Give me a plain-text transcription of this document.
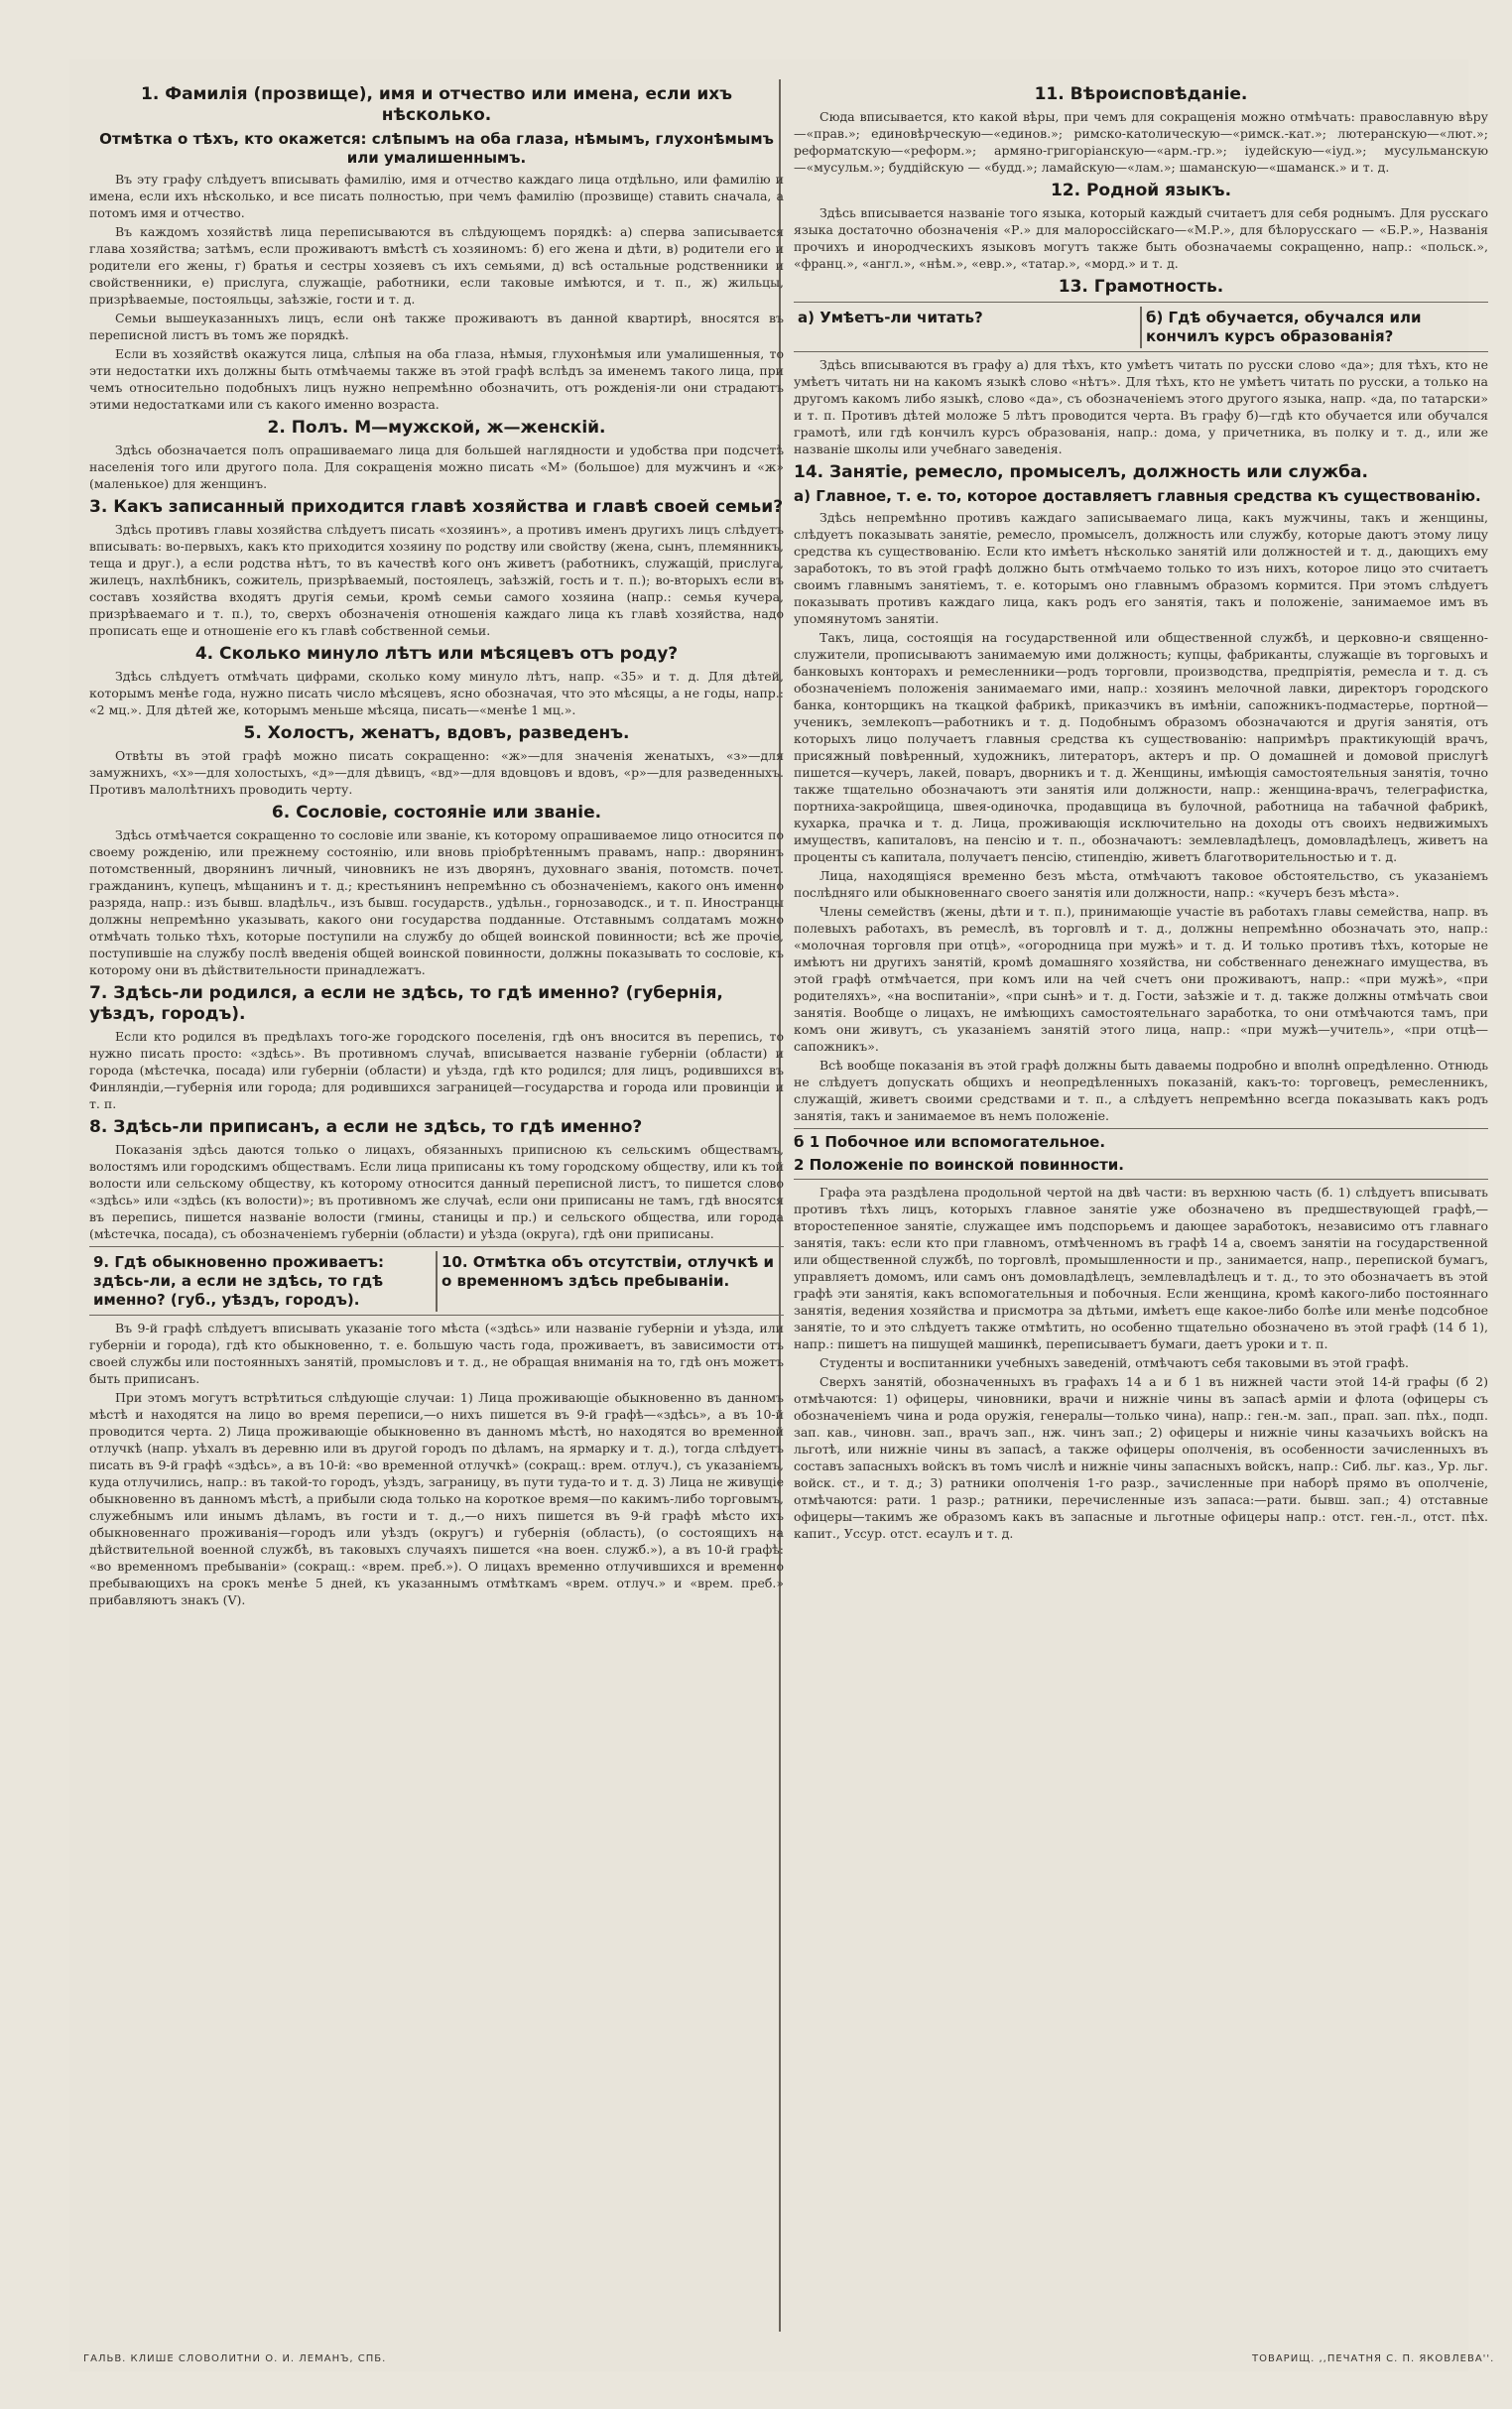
1. Фамилія (прозвище), имя и отчество или имена, если ихъ нѣсколько.
Отмѣтка о тѣхъ, кто окажется: слѣпымъ на оба глаза, нѣмымъ, глухонѣмымъ или умалишеннымъ.

Въ эту графу слѣдуетъ вписывать фамилію, имя и отчество каждаго лица отдѣльно, или фамилію и имена, если ихъ нѣсколько, и все писать полностью, при чемъ фамилію (прозвище) ставить сначала, а потомъ имя и отчество.

Въ каждомъ хозяйствѣ лица переписываются въ слѣдующемъ порядкѣ: а) сперва записывается глава хозяйства; затѣмъ, если проживаютъ вмѣстѣ съ хозяиномъ: б) его жена и дѣти, в) родители его и родители его жены, г) братья и сестры хозяевъ съ ихъ семьями, д) всѣ остальные родственники и свойственники, е) прислуга, служащіе, работники, если таковые имѣются, и т. п., ж) жильцы, призрѣваемые, постояльцы, заѣзжіе, гости и т. д.

Семьи вышеуказанныхъ лицъ, если онѣ также проживаютъ въ данной квартирѣ, вносятся въ переписной листъ въ томъ же порядкѣ.

Если въ хозяйствѣ окажутся лица, слѣпыя на оба глаза, нѣмыя, глухонѣмыя или умалишенныя, то эти недостатки ихъ должны быть отмѣчаемы также въ этой графѣ вслѣдъ за именемъ такого лица, при чемъ относительно подобныхъ лицъ нужно непремѣнно обозначить, отъ рожденія-ли они страдаютъ этими недостатками или съ какого именно возраста.

2. Полъ. М—мужской, ж—женскій.

Здѣсь обозначается полъ опрашиваемаго лица для большей наглядности и удобства при подсчетѣ населенія того или другого пола. Для сокращенія можно писать «М» (большое) для мужчинъ и «ж» (маленькое) для женщинъ.

3. Какъ записанный приходится главѣ хозяйства и главѣ своей семьи?

Здѣсь противъ главы хозяйства слѣдуетъ писать «хозяинъ», а противъ именъ другихъ лицъ слѣдуетъ вписывать: во-первыхъ, какъ кто приходится хозяину по родству или свойству (жена, сынъ, племянникъ, теща и друг.), а если родства нѣтъ, то въ качествѣ кого онъ живетъ (работникъ, служащій, прислуга, жилецъ, нахлѣбникъ, сожитель, призрѣваемый, постоялецъ, заѣзжій, гость и т. п.); во-вторыхъ если въ составъ хозяйства входятъ другія семьи, кромѣ семьи самого хозяина (напр.: семья кучера, призрѣваемаго и т. п.), то, сверхъ обозначенія отношенія каждаго лица къ главѣ хозяйства, надо прописать еще и отношеніе его къ главѣ собственной семьи.

4. Сколько минуло лѣтъ или мѣсяцевъ отъ роду?

Здѣсь слѣдуетъ отмѣчать цифрами, сколько кому минуло лѣтъ, напр. «35» и т. д. Для дѣтей, которымъ менѣе года, нужно писать число мѣсяцевъ, ясно обозначая, что это мѣсяцы, а не годы, напр.: «2 мц.». Для дѣтей же, которымъ меньше мѣсяца, писать—«менѣе 1 мц.».

5. Холостъ, женатъ, вдовъ, разведенъ.

Отвѣты въ этой графѣ можно писать сокращенно: «ж»—для значенія женатыхъ, «з»—для замужнихъ, «х»—для холостыхъ, «д»—для дѣвицъ, «вд»—для вдовцовъ и вдовъ, «р»—для разведенныхъ. Противъ малолѣтнихъ проводить черту.

6. Сословіе, состояніе или званіе.

Здѣсь отмѣчается сокращенно то сословіе или званіе, къ которому опрашиваемое лицо относится по своему рожденію, или прежнему состоянію, или вновь пріобрѣтеннымъ правамъ, напр.: дворянинъ потомственный, дворянинъ личный, чиновникъ не изъ дворянъ, духовнаго званія, потомств. почет. гражданинъ, купецъ, мѣщанинъ и т. д.; крестьянинъ непремѣнно съ обозначеніемъ, какого онъ именно разряда, напр.: изъ бывш. владѣльч., изъ бывш. государств., удѣльн., горнозаводск., и т. п. Иностранцы должны непремѣнно указывать, какого они государства подданные. Отставнымъ солдатамъ можно отмѣчать только тѣхъ, которые поступили на службу до общей воинской повинности; всѣ же прочіе, поступившіе на службу послѣ введенія общей воинской повинности, должны показывать то сословіе, къ которому они въ дѣйствительности принадлежатъ.

7. Здѣсь-ли родился, а если не здѣсь, то гдѣ именно? (губернія, уѣздъ, городъ).

Если кто родился въ предѣлахъ того-же городского поселенія, гдѣ онъ вносится въ перепись, то нужно писать просто: «здѣсь». Въ противномъ случаѣ, вписывается названіе губерніи (области) и города (мѣстечка, посада) или губерніи (области) и уѣзда, гдѣ кто родился; для лицъ, родившихся въ Финляндіи,—губернія или города; для родившихся заграницей—государства и города или провинціи и т. п.

8. Здѣсь-ли приписанъ, а если не здѣсь, то гдѣ именно?

Показанія здѣсь даются только о лицахъ, обязанныхъ приписною къ сельскимъ обществамъ, волостямъ или городскимъ обществамъ. Если лица приписаны къ тому городскому обществу, или къ той волости или сельскому обществу, къ которому относится данный переписной листъ, то пишется слово «здѣсь» или «здѣсь (къ волости)»; въ противномъ же случаѣ, если они приписаны не тамъ, гдѣ вносятся въ перепись, пишется названіе волости (гмины, станицы и пр.) и сельского общества, или города (мѣстечка, посада), съ обозначеніемъ губерніи (области) и уѣзда (округа), гдѣ они приписаны.

9. Гдѣ обыкновенно проживаетъ: здѣсь-ли, а если не здѣсь, то гдѣ именно? (губ., уѣздъ, городъ).
10. Отмѣтка объ отсутствіи, отлучкѣ и о временномъ здѣсь пребываніи.

Въ 9-й графѣ слѣдуетъ вписывать указаніе того мѣста («здѣсь» или названіе губерніи и уѣзда, или губерніи и города), гдѣ кто обыкновенно, т. е. большую часть года, проживаетъ, въ зависимости отъ своей службы или постоянныхъ занятій, промысловъ и т. д., не обращая вниманія на то, гдѣ онъ можетъ быть приписанъ.

При этомъ могутъ встрѣтиться слѣдующіе случаи: 1) Лица проживающіе обыкновенно въ данномъ мѣстѣ и находятся на лицо во время переписи,—о нихъ пишется въ 9-й графѣ—«здѣсь», а въ 10-й проводится черта. 2) Лица проживающіе обыкновенно въ данномъ мѣстѣ, но находятся во временной отлучкѣ (напр. уѣхалъ въ деревню или въ другой городъ по дѣламъ, на ярмарку и т. д.), тогда слѣдуетъ писать въ 9-й графѣ «здѣсь», а въ 10-й: «во временной отлучкѣ» (сокращ.: врем. отлуч.), съ указаніемъ, куда отлучились, напр.: въ такой-то городъ, уѣздъ, заграницу, въ пути туда-то и т. д. 3) Лица не живущіе обыкновенно въ данномъ мѣстѣ, а прибыли сюда только на короткое время—по какимъ-либо торговымъ, служебнымъ или инымъ дѣламъ, въ гости и т. д.,—о нихъ пишется въ 9-й графѣ мѣсто ихъ обыкновеннаго проживанія—городъ или уѣздъ (округъ) и губернія (область), (о состоящихъ на дѣйствительной военной службѣ, въ таковыхъ случаяхъ пишется «на воен. служб.»), а въ 10-й графѣ: «во временномъ пребываніи» (сокращ.: «врем. преб.»). О лицахъ временно отлучившихся и временно пребывающихъ на срокъ менѣе 5 дней, къ указаннымъ отмѣткамъ «врем. отлуч.» и «врем. преб.» прибавляютъ знакъ (V).

11. Вѣроисповѣданіе.

Сюда вписывается, кто какой вѣры, при чемъ для сокращенія можно отмѣчать: православную вѣру—«прав.»; единовѣрческую—«единов.»; римско-католическую—«римск.-кат.»; лютеранскую—«лют.»; реформатскую—«реформ.»; армяно-григоріанскую—«арм.-гр.»; іудейскую—«іуд.»; мусульманскую—«мусульм.»; буддійскую — «будд.»; ламайскую—«лам.»; шаманскую—«шаманск.» и т. д.

12. Родной языкъ.

Здѣсь вписывается названіе того языка, который каждый считаетъ для себя роднымъ. Для русскаго языка достаточно обозначенія «Р.» для малороссійскаго—«М.Р.», для бѣлорусскаго — «Б.Р.», Названія прочихъ и инородческихъ языковъ могутъ также быть обозначаемы сокращенно, напр.: «польск.», «франц.», «англ.», «нѣм.», «евр.», «татар.», «морд.» и т. д.

13. Грамотность.
а) Умѣетъ-ли читать?	б) Гдѣ обучается, обучался или кончилъ курсъ образованія?

Здѣсь вписываются въ графу а) для тѣхъ, кто умѣетъ читать по русски слово «да»; для тѣхъ, кто не умѣетъ читать ни на какомъ языкѣ слово «нѣтъ». Для тѣхъ, кто не умѣетъ читать по русски, а только на другомъ какомъ либо языкѣ, слово «да», съ обозначеніемъ этого другого языка, напр. «да, по татарски» и т. п. Противъ дѣтей моложе 5 лѣтъ проводится черта. Въ графу б)—гдѣ кто обучается или обучался грамотѣ, или гдѣ кончилъ курсъ образованія, напр.: дома, у причетника, въ полку и т. д., или же названіе школы или учебнаго заведенія.

14. Занятіе, ремесло, промыселъ, должность или служба.
а) Главное, т. е. то, которое доставляетъ главныя средства къ существованію.

Здѣсь непремѣнно противъ каждаго записываемаго лица, какъ мужчины, такъ и женщины, слѣдуетъ показывать занятіе, ремесло, промыселъ, должность или службу, которые даютъ этому лицу средства къ существованію. Если кто имѣетъ нѣсколько занятій или должностей и т. д., дающихъ ему заработокъ, то въ этой графѣ должно быть отмѣчаемо только то изъ нихъ, которое лицо это считаетъ своимъ главнымъ занятіемъ, т. е. которымъ оно главнымъ образомъ кормится. При этомъ слѣдуетъ показывать противъ каждаго лица, какъ родъ его занятія, такъ и положеніе, занимаемое имъ въ упомянутомъ занятіи.

Такъ, лица, состоящія на государственной или общественной службѣ, и церковно-и священно-служители, прописываютъ занимаемую ими должность; купцы, фабриканты, служащіе въ торговыхъ и банковыхъ конторахъ и ремесленники—родъ торговли, производства, предпріятія, ремесла и т. д. съ обозначеніемъ положенія занимаемаго ими, напр.: хозяинъ мелочной лавки, директоръ городского банка, конторщикъ на ткацкой фабрикѣ, приказчикъ въ имѣніи, сапожникъ-подмастерье, портной—ученикъ, землекопъ—работникъ и т. д. Подобнымъ образомъ обозначаются и другія занятія, отъ которыхъ лицо получаетъ главныя средства къ существованію: напримѣръ практикующій врачъ, присяжный повѣренный, художникъ, литераторъ, актеръ и пр. О домашней и домовой прислугѣ пишется—кучеръ, лакей, поваръ, дворникъ и т. д. Женщины, имѣющія самостоятельныя занятія, точно также тщательно обозначаютъ эти занятія или должности, напр.: женщина-врачъ, телеграфистка, портниха-закройщица, швея-одиночка, продавщица въ булочной, работница на табачной фабрикѣ, кухарка, прачка и т. д. Лица, проживающія исключительно на доходы отъ своихъ недвижимыхъ имуществъ, капиталовъ, на пенсію и т. п., обозначаютъ: землевладѣлецъ, домовладѣлецъ, живетъ на проценты съ капитала, получаетъ пенсію, стипендію, живетъ благотворительностью и т. д.

Лица, находящіяся временно безъ мѣста, отмѣчаютъ таковое обстоятельство, съ указаніемъ послѣдняго или обыкновеннаго своего занятія или должности, напр.: «кучеръ безъ мѣста».

Члены семействъ (жены, дѣти и т. п.), принимающіе участіе въ работахъ главы семейства, напр. въ полевыхъ работахъ, въ ремеслѣ, въ торговлѣ и т. д., должны непремѣнно обозначать это, напр.: «молочная торговля при отцѣ», «огородница при мужѣ» и т. д. И только противъ тѣхъ, которые не имѣютъ ни другихъ занятій, кромѣ домашняго хозяйства, ни собственнаго денежнаго имущества, въ этой графѣ отмѣчается, при комъ или на чей счетъ они проживаютъ, напр.: «при мужѣ», «при родителяхъ», «на воспитаніи», «при сынѣ» и т. д. Гости, заѣзжіе и т. д. также должны отмѣчать свои занятія. Вообще о лицахъ, не имѣющихъ самостоятельнаго заработка, то они отмѣчаются тамъ, при комъ они живутъ, съ указаніемъ занятій этого лица, напр.: «при мужѣ—учитель», «при отцѣ—сапожникъ».

Всѣ вообще показанія въ этой графѣ должны быть даваемы подробно и вполнѣ опредѣленно. Отнюдь не слѣдуетъ допускать общихъ и неопредѣленныхъ показаній, какъ-то: торговецъ, ремесленникъ, служащій, живетъ своими средствами и т. п., а слѣдуетъ непремѣнно всегда показывать какъ родъ занятія, такъ и занимаемое въ немъ положеніе.

б 1 Побочное или вспомогательное.
2 Положеніе по воинской повинности.

Графа эта раздѣлена продольной чертой на двѣ части: въ верхнюю часть (б. 1) слѣдуетъ вписывать противъ тѣхъ лицъ, которыхъ главное занятіе уже обозначено въ предшествующей графѣ,—второстепенное занятіе, служащее имъ подспорьемъ и дающее заработокъ, независимо отъ главнаго занятія, такъ: если кто при главномъ, отмѣченномъ въ графѣ 14 а, своемъ занятіи на государственной или общественной службѣ, по торговлѣ, промышленности и пр., занимается, напр., перепиской бумагъ, управляетъ домомъ, или самъ онъ домовладѣлецъ, землевладѣлецъ и т. д., то это обозначаетъ въ этой графѣ эти занятія, какъ вспомогательныя и побочныя. Если женщина, кромѣ какого-либо постояннаго занятія, ведения хозяйства и присмотра за дѣтьми, имѣетъ еще какое-либо болѣе или менѣе подсобное занятіе, то и это слѣдуетъ также отмѣтить, но особенно тщательно обозначено въ этой графѣ (14 б 1), напр.: пишетъ на пишущей машинкѣ, переписываетъ бумаги, даетъ уроки и т. п.

Студенты и воспитанники учебныхъ заведеній, отмѣчаютъ себя таковыми въ этой графѣ.

Сверхъ занятій, обозначенныхъ въ графахъ 14 а и б 1 въ нижней части этой 14-й графы (б 2) отмѣчаются: 1) офицеры, чиновники, врачи и нижніе чины въ запасѣ арміи и флота (офицеры съ обозначеніемъ чина и рода оружія, генералы—только чина), напр.: ген.-м. зап., прап. зап. пѣх., подп. зап. кав., чиновн. зап., врачъ зап., нж. чинъ зап.; 2) офицеры и нижніе чины казачьихъ войскъ на льготѣ, или нижніе чины въ запасѣ, а также офицеры ополченія, въ особенности зачисленныхъ въ составъ запасныхъ войскъ въ томъ числѣ и нижніе чины запасныхъ войскъ, напр.: Сиб. льг. каз., Ур. льг. войск. ст., и т. д.; 3) ратники ополченія 1-го разр., зачисленные при наборѣ прямо въ ополченіе, отмѣчаются: рати. 1 разр.; ратники, перечисленные изъ запаса:—рати. бывш. зап.; 4) отставные офицеры—такимъ же образомъ какъ въ запасные и льготные офицеры напр.: отст. ген.-л., отст. пѣх. капит., Уссур. отст. есаулъ и т. д.

ГАЛЬВ. КЛИШЕ СЛОВОЛИТНИ О. И. ЛЕМАНЪ, СПБ.	ТОВАРИЩ. ,,ПЕЧАТНЯ С. П. ЯКОВЛЕВА''.
